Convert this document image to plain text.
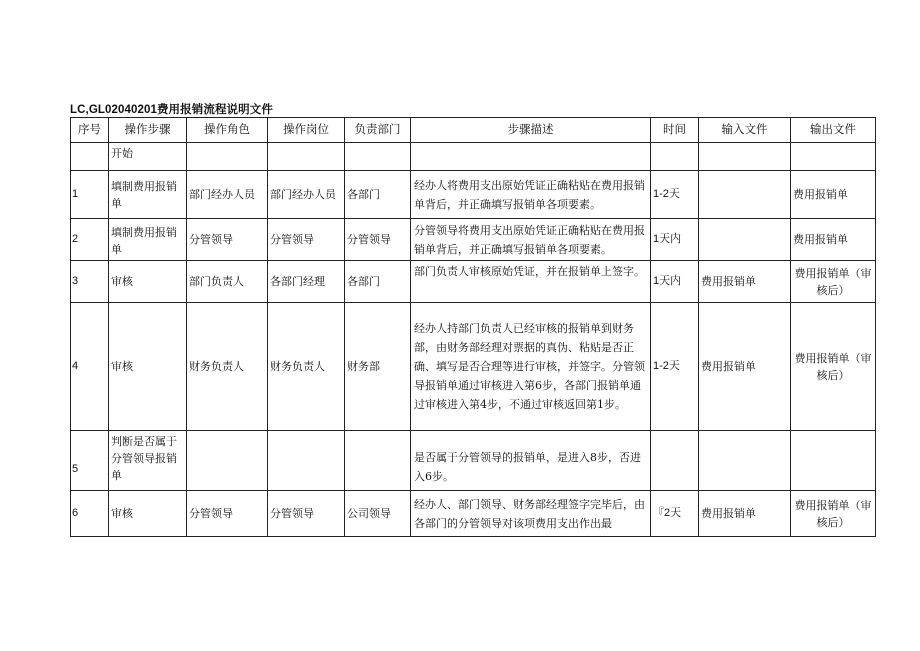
LC,GL02040201费用报销流程说明文件
序号	操作步骤	操作角色	操作岗位	负责部门	步骤描述	时间	输入文件	输出文件
	开始							
1	填制费用报销单	部门经办人员	部门经办人员	各部门	经办人将费用支出原始凭证正确粘贴在费用报销单背后，并正确填写报销单各项要素。	1-2天		费用报销单
2	填制费用报销单	分管领导	分管领导	分管领导	分管领导将费用支出原始凭证正确粘贴在费用报销单背后，并正确填写报销单各项要素。	1天内		费用报销单
3	审核	部门负责人	各部门经理	各部门	部门负责人审核原始凭证，并在报销单上签字。	1天内	费用报销单	费用报销单（审核后）
4	审核	财务负责人	财务负责人	财务部	经办人持部门负责人已经审核的报销单到财务部，由财务部经理对票据的真伪、粘贴是否正确、填写是否合理等进行审核，并签字。分管领导报销单通过审核进入第6步，各部门报销单通过审核进入第4步，不通过审核返回第1步。	1-2天	费用报销单	费用报销单（审核后）
5	判断是否属于分管领导报销单				是否属于分管领导的报销单，是进入8步，否进入6步。			
6	审核	分管领导	分管领导	公司领导	经办人、部门领导、财务部经理签字完毕后，由各部门的分管领导对该项费用支出作出最	『2天	费用报销单	费用报销单（审核后）
